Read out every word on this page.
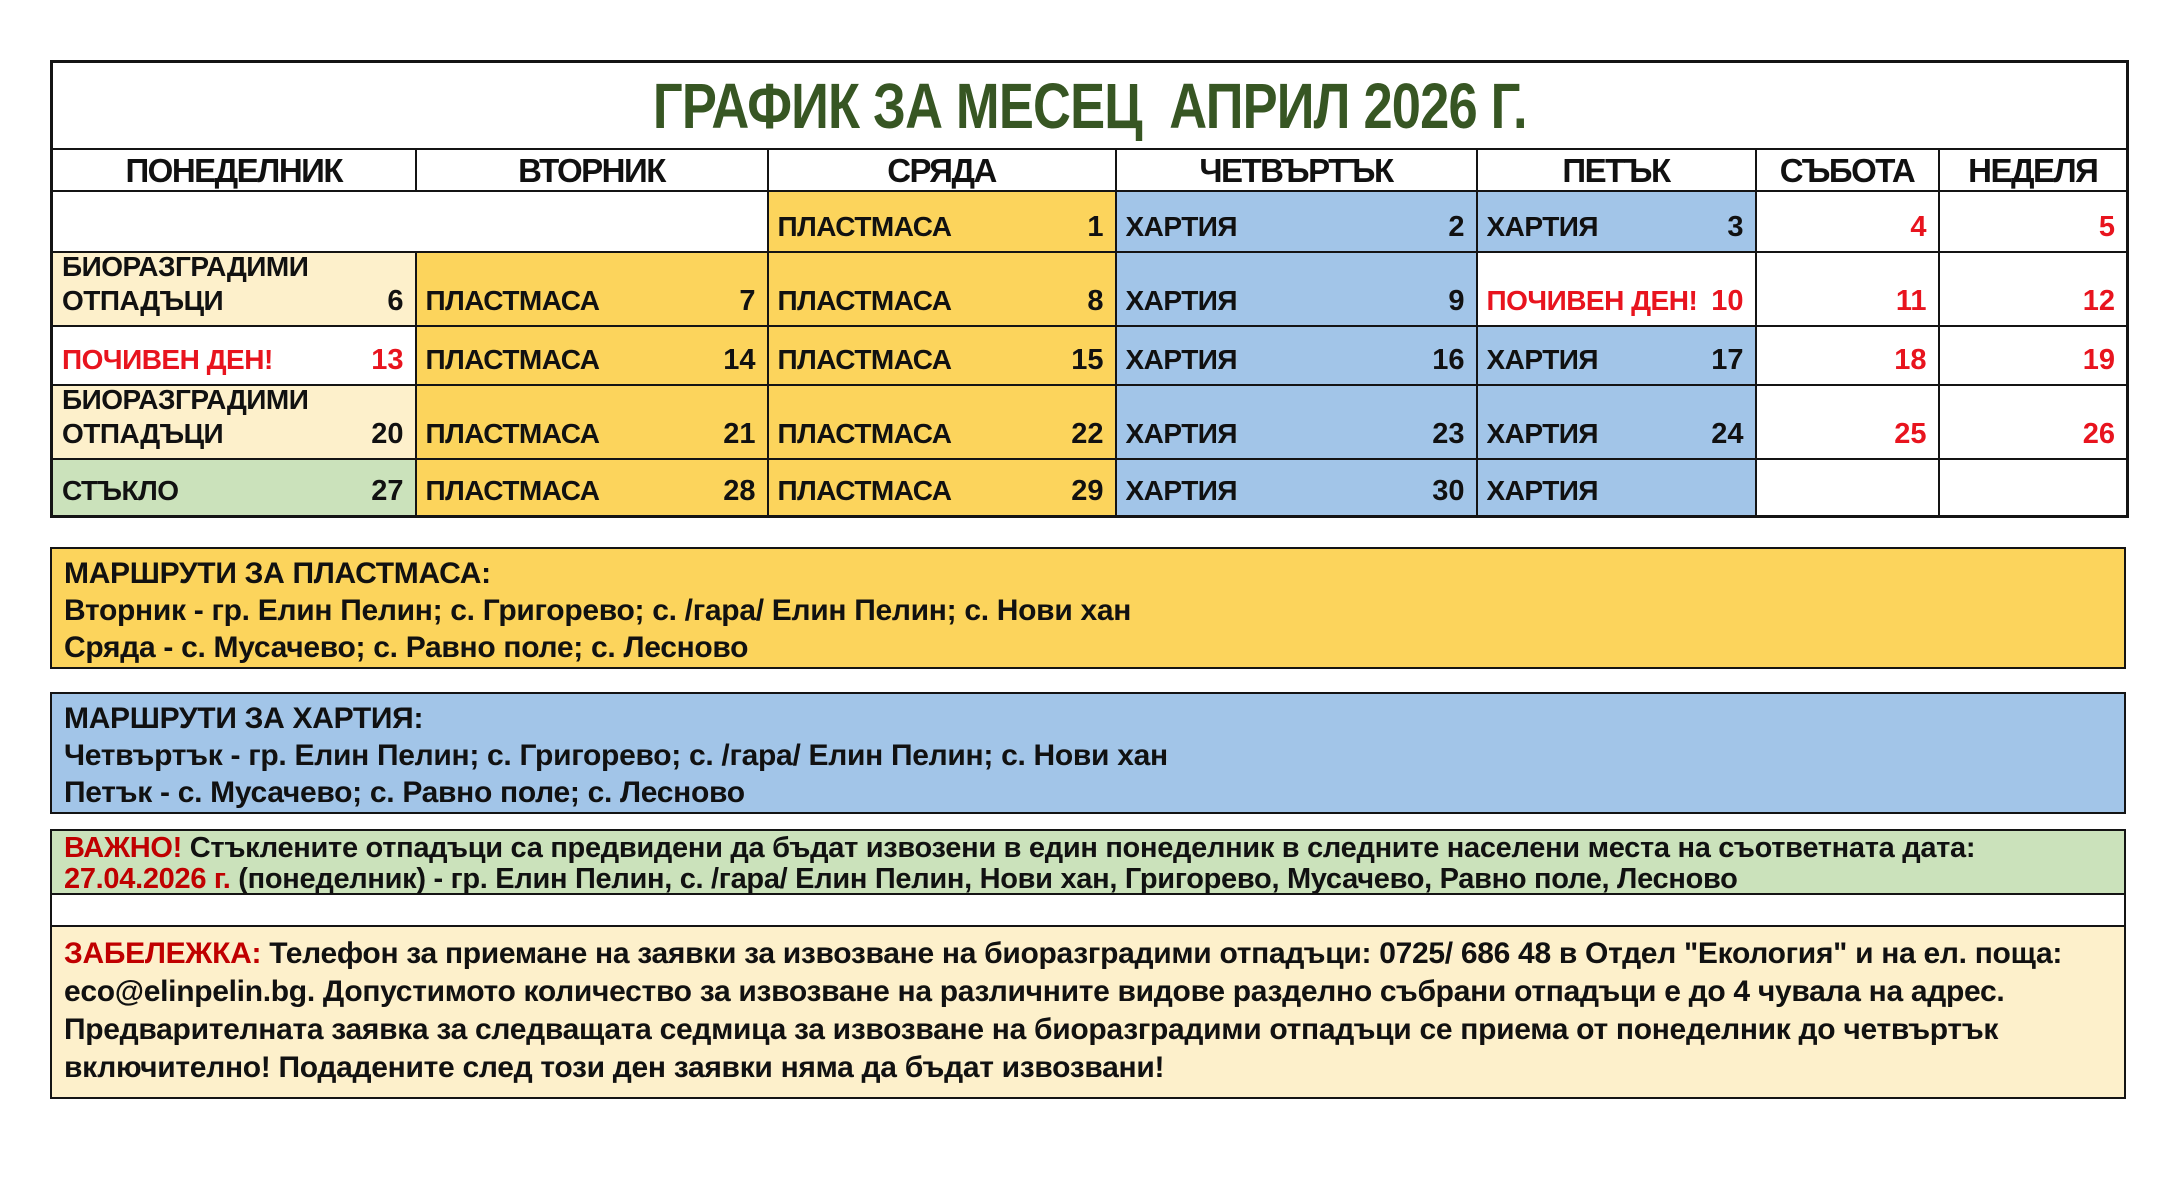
ГРАФИК ЗА МЕСЕЦ  АПРИЛ 2026 Г.						
ПОНЕДЕЛНИК	ВТОРНИК	СРЯДА	ЧЕТВЪРТЪК	ПЕТЪК	СЪБОТА	НЕДЕЛЯ

		ПЛАСТМАСА 1	ХАРТИЯ 2	ХАРТИЯ 3	4	5

БИОРАЗГРАДИМИ ОТПАДЪЦИ 6	ПЛАСТМАСА 7	ПЛАСТМАСА 8	ХАРТИЯ 9	ПОЧИВЕН ДЕН! 10	11	12

ПОЧИВЕН ДЕН! 13	ПЛАСТМАСА 14	ПЛАСТМАСА 15	ХАРТИЯ 16	ХАРТИЯ 17	18	19

БИОРАЗГРАДИМИ ОТПАДЪЦИ 20	ПЛАСТМАСА 21	ПЛАСТМАСА 22	ХАРТИЯ 23	ХАРТИЯ 24	25	26

СТЪКЛО 27	ПЛАСТМАСА 28	ПЛАСТМАСА 29	ХАРТИЯ 30	ХАРТИЯ		

МАРШРУТИ ЗА ПЛАСТМАСА:
Вторник - гр. Елин Пелин; с. Григорево; с. /гара/ Елин Пелин; с. Нови хан
Сряда - с. Мусачево; с. Равно поле; с. Лесново
МАРШРУТИ ЗА ХАРТИЯ:
Четвъртък - гр. Елин Пелин; с. Григорево; с. /гара/ Елин Пелин; с. Нови хан
Петък - с. Мусачево; с. Равно поле; с. Лесново
ВАЖНО! Стъклените отпадъци са предвидени да бъдат извозени в един понеделник в следните населени места на съответната дата:
27.04.2026 г. (понеделник) - гр. Елин Пелин, с. /гара/ Елин Пелин, Нови хан, Григорево, Мусачево, Равно поле, Лесново
ЗАБЕЛЕЖКА: Телефон за приемане на заявки за извозване на биоразградими отпадъци: 0725/ 686 48 в Отдел "Екология" и на ел. поща:
eco@elinpelin.bg. Допустимото количество за извозване на различните видове разделно събрани отпадъци е до 4 чувала на адрес.
Предварителната заявка за следващата седмица за извозване на биоразградими отпадъци се приема от понеделник до четвъртък
включително! Подадените след този ден заявки няма да бъдат извозвани!
